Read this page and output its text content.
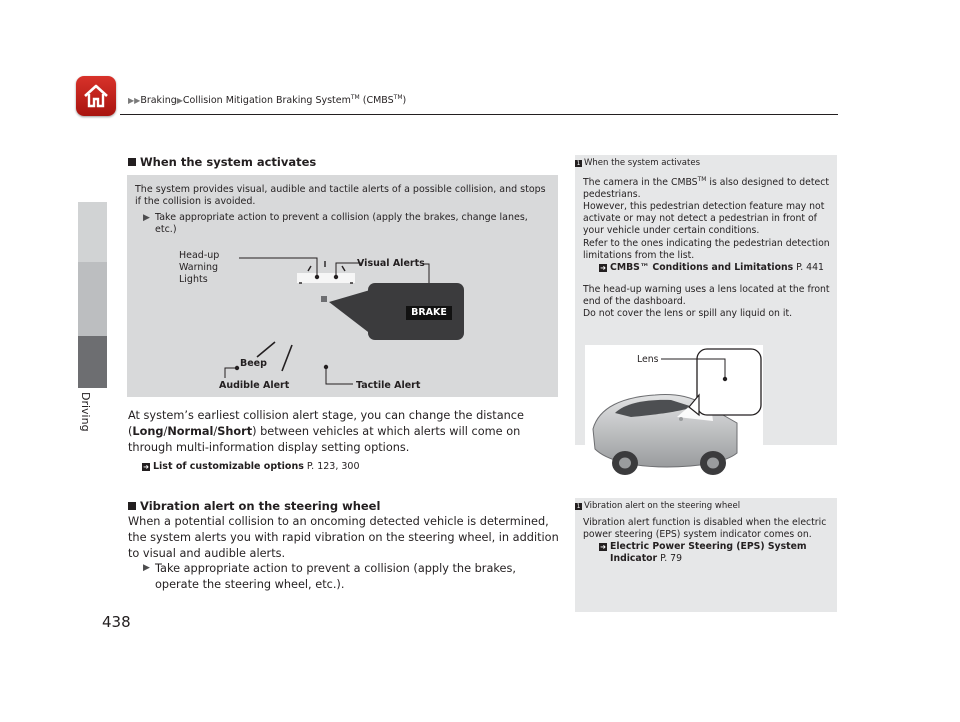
▶▶Braking▶Collision Mitigation Braking System™ (CMBS™)
Driving
When the system activates
The system provides visual, audible and tactile alerts of a possible collision, and stops if the collision is avoided.
▶ Take appropriate action to prevent a collision (apply the brakes, change lanes, etc.)
Head-up
Warning
Lights
Visual Alerts
BRAKE
Beep
Audible Alert	Tactile Alert
At system’s earliest collision alert stage, you can change the distance (Long/Normal/Short) between vehicles at which alerts will come on through multi-information display setting options.
➜ List of customizable options P. 123, 300
Vibration alert on the steering wheel
When a potential collision to an oncoming detected vehicle is determined, the system alerts you with rapid vibration on the steering wheel, in addition to visual and audible alerts.
▶ Take appropriate action to prevent a collision (apply the brakes, operate the steering wheel, etc.).
1 When the system activates
The camera in the CMBS™ is also designed to detect pedestrians.
However, this pedestrian detection feature may not activate or may not detect a pedestrian in front of your vehicle under certain conditions.
Refer to the ones indicating the pedestrian detection limitations from the list.
➜ CMBS™ Conditions and Limitations P. 441
The head-up warning uses a lens located at the front end of the dashboard.
Do not cover the lens or spill any liquid on it.
Lens
1 Vibration alert on the steering wheel
Vibration alert function is disabled when the electric power steering (EPS) system indicator comes on.
➜ Electric Power Steering (EPS) System
Indicator P. 79
438
